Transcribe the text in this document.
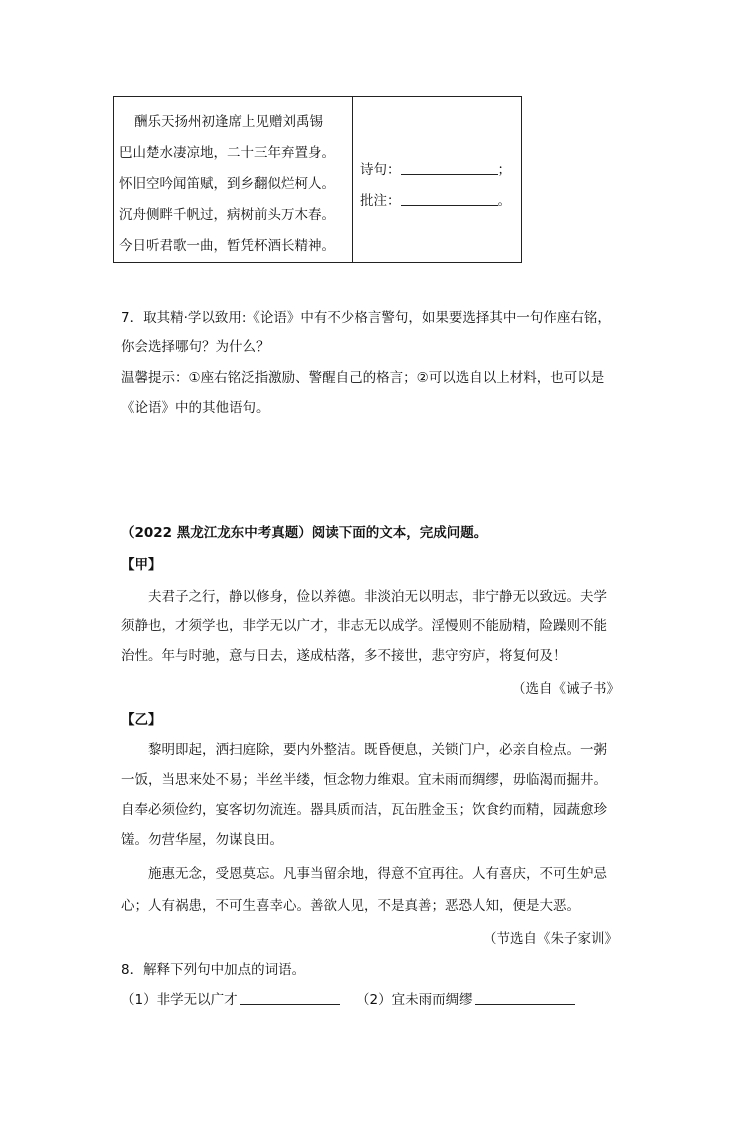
酬乐天扬州初逢席上见赠刘禹锡
巴山楚水凄凉地，二十三年弃置身。
怀旧空吟闻笛赋，到乡翻似烂柯人。
沉舟侧畔千帆过，病树前头万木春。
今日听君歌一曲，暂凭杯酒长精神。
诗句：	；
批注：	。
7．取其精·学以致用:《论语》中有不少格言警句，如果要选择其中一句作座右铭，
你会选择哪句？为什么？
温馨提示：①座右铭泛指激励、警醒自己的格言；②可以选自以上材料，也可以是
《论语》中的其他语句。
（2022 黑龙江龙东中考真题）阅读下面的文本，完成问题。
【甲】
夫君子之行，静以修身，俭以养德。非淡泊无以明志，非宁静无以致远。夫学
须静也，才须学也，非学无以广才，非志无以成学。淫慢则不能励精，险躁则不能
治性。年与时驰，意与日去，遂成枯落，多不接世，悲守穷庐，将复何及！
（选自《诫子书》
【乙】
黎明即起，洒扫庭除，要内外整洁。既昏便息，关锁门户，必亲自检点。一粥
一饭，当思来处不易；半丝半缕，恒念物力维艰。宜未雨而绸缪，毋临渴而掘井。
自奉必须俭约，宴客切勿流连。器具质而洁，瓦缶胜金玉；饮食约而精，园蔬愈珍
馐。勿营华屋，勿谋良田。
施惠无念，受恩莫忘。凡事当留余地，得意不宜再往。人有喜庆，不可生妒忌
心；人有祸患，不可生喜幸心。善欲人见，不是真善；恶恐人知，便是大恶。
（节选自《朱子家训》
8．解释下列句中加点的词语。
（1）非学无以广才	（2）宜未雨而绸缪
